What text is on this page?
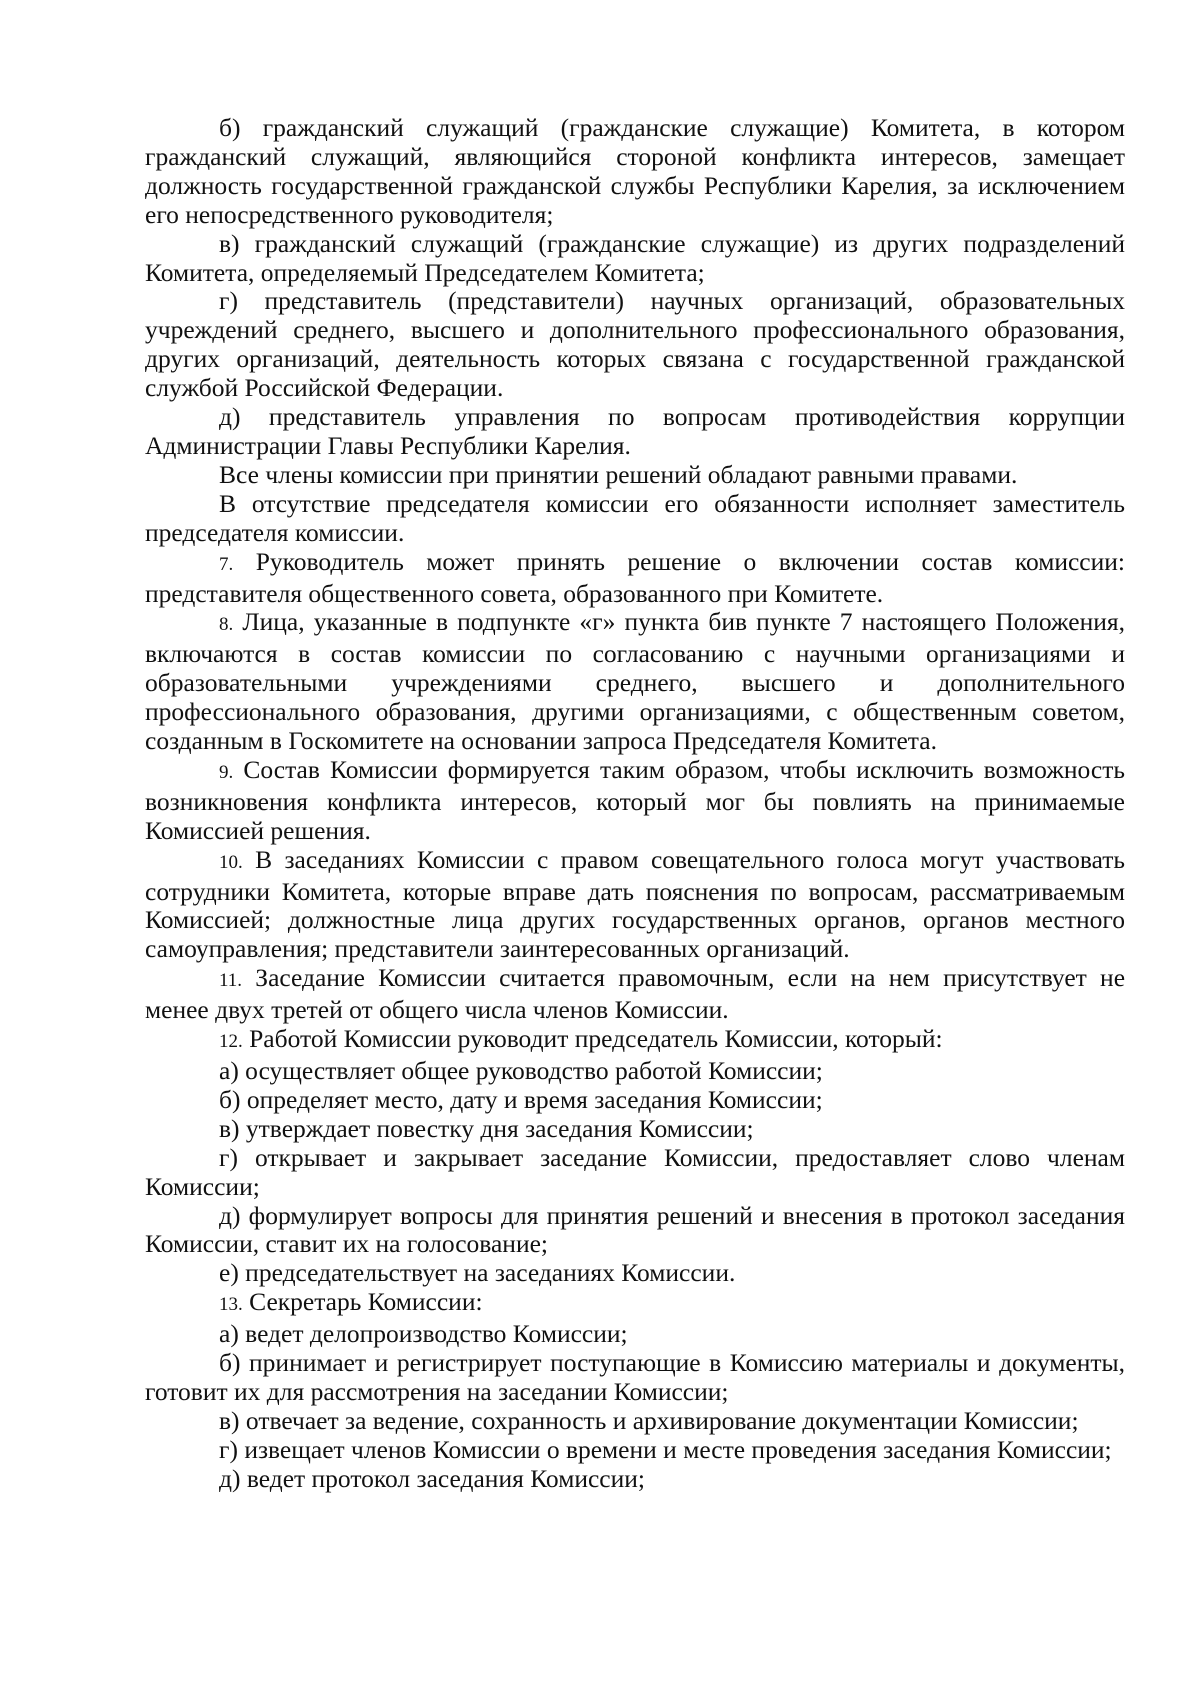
б) гражданский служащий (гражданские служащие) Комитета, в котором гражданский служащий, являющийся стороной конфликта интересов, замещает должность государственной гражданской службы Республики Карелия, за исключением его непосредственного руководителя;

в) гражданский служащий (гражданские служащие) из других подразделений Комитета, определяемый Председателем Комитета;

г) представитель (представители) научных организаций, образовательных учреждений среднего, высшего и дополнительного профессионального образования, других организаций, деятельность которых связана с государственной гражданской службой Российской Федерации.

д) представитель управления по вопросам противодействия коррупции Администрации Главы Республики Карелия.

Все члены комиссии при принятии решений обладают равными правами.

В отсутствие председателя комиссии его обязанности исполняет заместитель председателя комиссии.

7. Руководитель может принять решение о включении состав комиссии: представителя общественного совета, образованного при Комитете.

8. Лица, указанные в подпункте «г» пункта бив пункте 7 настоящего Положения, включаются в состав комиссии по согласованию с научными организациями и образовательными учреждениями среднего, высшего и дополнительного профессионального образования, другими организациями, с общественным советом, созданным в Госкомитете на основании запроса Председателя Комитета.

9. Состав Комиссии формируется таким образом, чтобы исключить возможность возникновения конфликта интересов, который мог бы повлиять на принимаемые Комиссией решения.

10. В заседаниях Комиссии с правом совещательного голоса могут участвовать сотрудники Комитета, которые вправе дать пояснения по вопросам, рассматриваемым Комиссией; должностные лица других государственных органов, органов местного самоуправления; представители заинтересованных организаций.

11. Заседание Комиссии считается правомочным, если на нем присутствует не менее двух третей от общего числа членов Комиссии.

12. Работой Комиссии руководит председатель Комиссии, который:

а) осуществляет общее руководство работой Комиссии;

б) определяет место, дату и время заседания Комиссии;

в) утверждает повестку дня заседания Комиссии;

г) открывает и закрывает заседание Комиссии, предоставляет слово членам Комиссии;

д) формулирует вопросы для принятия решений и внесения в протокол заседания Комиссии, ставит их на голосование;

е) председательствует на заседаниях Комиссии.

13. Секретарь Комиссии:

а) ведет делопроизводство Комиссии;

б) принимает и регистрирует поступающие в Комиссию материалы и документы, готовит их для рассмотрения на заседании Комиссии;

в) отвечает за ведение, сохранность и архивирование документации Комиссии;

г) извещает членов Комиссии о времени и месте проведения заседания Комиссии;

д) ведет протокол заседания Комиссии;
